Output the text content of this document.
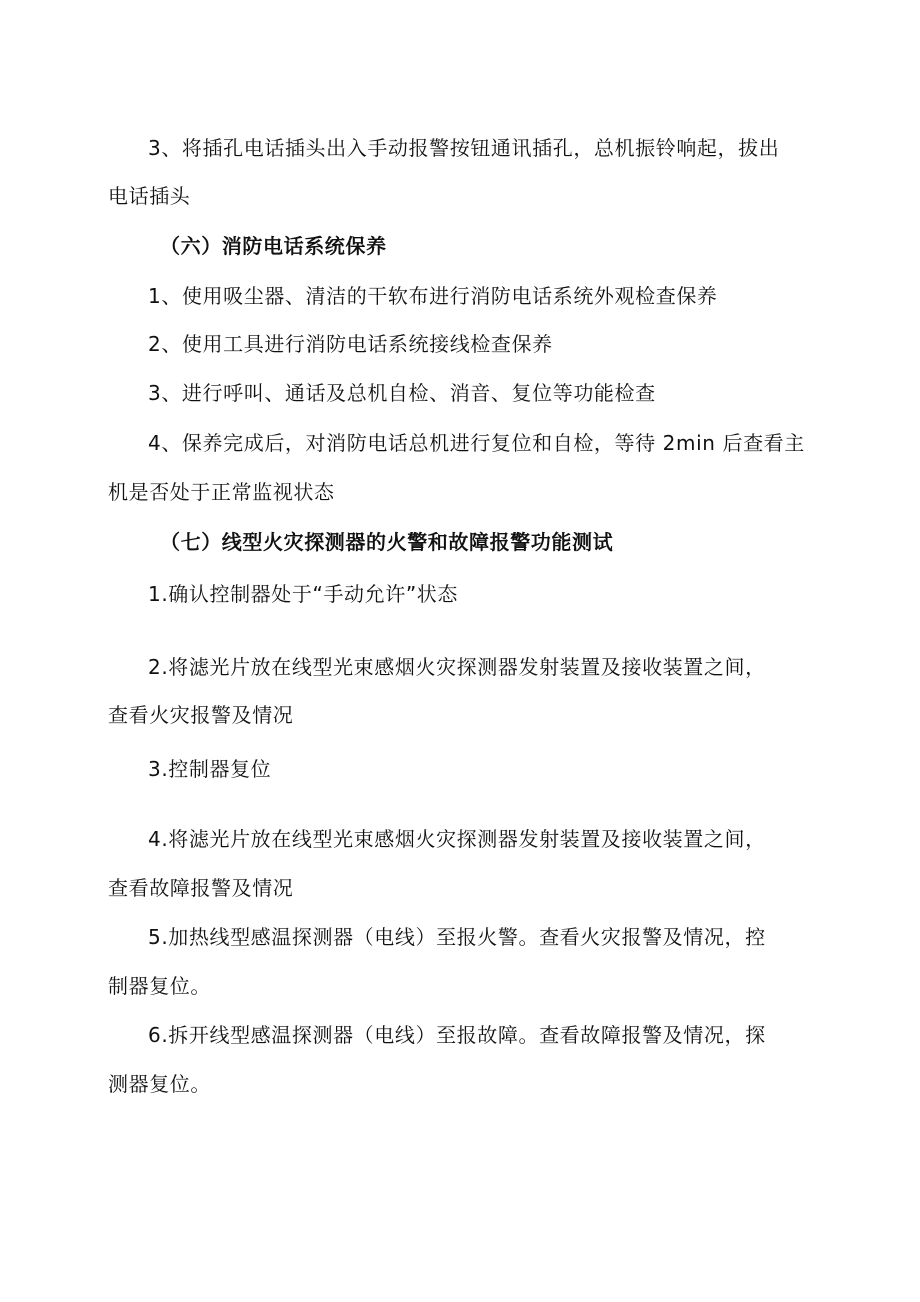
3、将插孔电话插头出入手动报警按钮通讯插孔，总机振铃响起，拔出
电话插头
（六）消防电话系统保养
1、使用吸尘器、清洁的干软布进行消防电话系统外观检查保养
2、使用工具进行消防电话系统接线检查保养
3、进行呼叫、通话及总机自检、消音、复位等功能检查
4、保养完成后，对消防电话总机进行复位和自检，等待 2min 后查看主
机是否处于正常监视状态
（七）线型火灾探测器的火警和故障报警功能测试
1.确认控制器处于“手动允许”状态
2.将滤光片放在线型光束感烟火灾探测器发射装置及接收装置之间，
查看火灾报警及情况
3.控制器复位
4.将滤光片放在线型光束感烟火灾探测器发射装置及接收装置之间，
查看故障报警及情况
5.加热线型感温探测器（电线）至报火警。查看火灾报警及情况，控
制器复位。
6.拆开线型感温探测器（电线）至报故障。查看故障报警及情况，探
测器复位。
